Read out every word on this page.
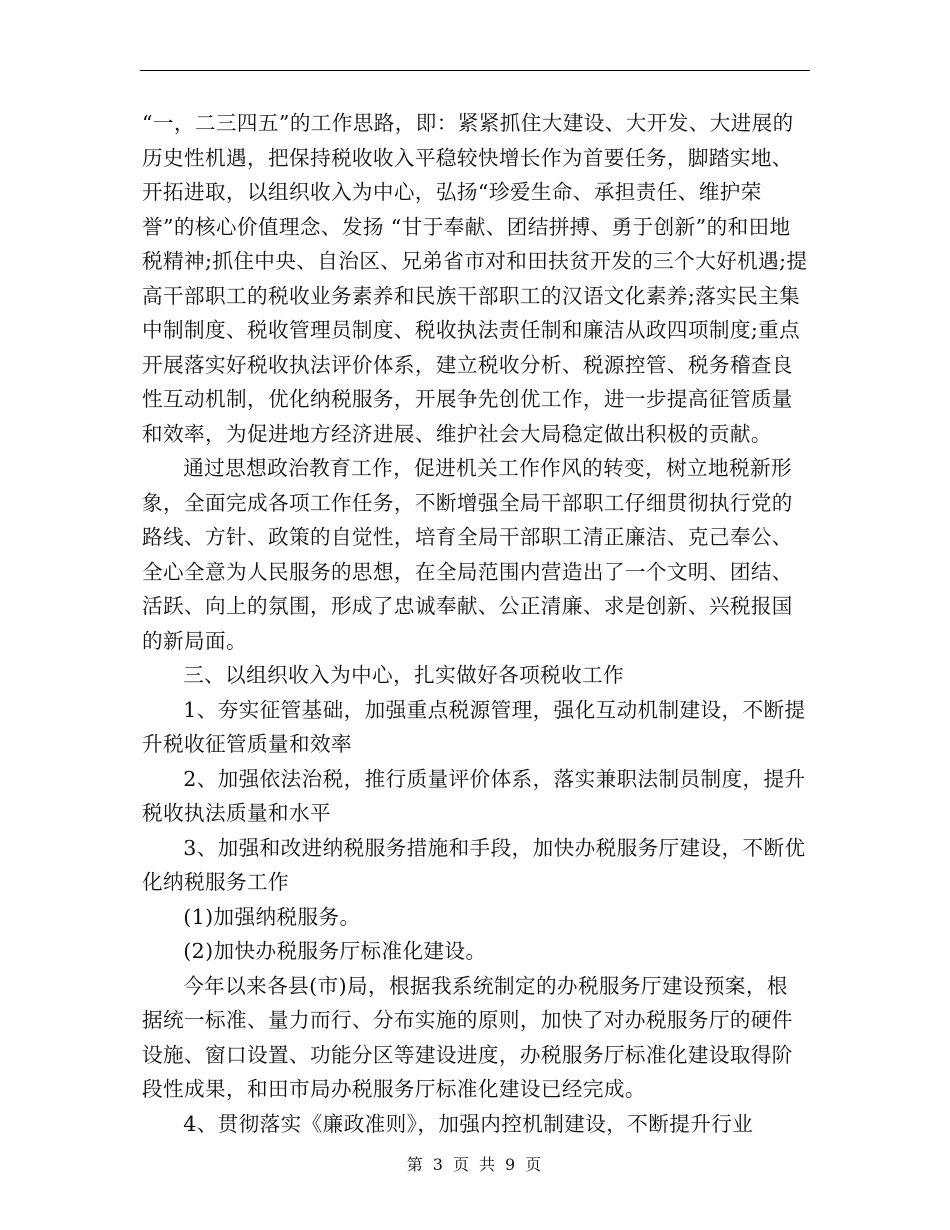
“一，二三四五”的工作思路，即：紧紧抓住大建设、大开发、大进展的历史性机遇，把保持税收收入平稳较快增长作为首要任务，脚踏实地、开拓进取，以组织收入为中心，弘扬“珍爱生命、承担责任、维护荣誉”的核心价值理念、发扬 “甘于奉献、团结拼搏、勇于创新”的和田地税精神;抓住中央、自治区、兄弟省市对和田扶贫开发的三个大好机遇;提高干部职工的税收业务素养和民族干部职工的汉语文化素养;落实民主集中制制度、税收管理员制度、税收执法责任制和廉洁从政四项制度;重点开展落实好税收执法评价体系，建立税收分析、税源控管、税务稽查良性互动机制，优化纳税服务，开展争先创优工作，进一步提高征管质量和效率，为促进地方经济进展、维护社会大局稳定做出积极的贡献。

通过思想政治教育工作，促进机关工作作风的转变，树立地税新形象，全面完成各项工作任务，不断增强全局干部职工仔细贯彻执行党的路线、方针、政策的自觉性，培育全局干部职工清正廉洁、克己奉公、全心全意为人民服务的思想，在全局范围内营造出了一个文明、团结、活跃、向上的氛围，形成了忠诚奉献、公正清廉、求是创新、兴税报国的新局面。

三、以组织收入为中心，扎实做好各项税收工作

1、夯实征管基础，加强重点税源管理，强化互动机制建设，不断提升税收征管质量和效率

2、加强依法治税，推行质量评价体系，落实兼职法制员制度，提升税收执法质量和水平

3、加强和改进纳税服务措施和手段，加快办税服务厅建设，不断优化纳税服务工作

(1)加强纳税服务。

(2)加快办税服务厅标准化建设。

今年以来各县(市)局，根据我系统制定的办税服务厅建设预案，根据统一标准、量力而行、分布实施的原则，加快了对办税服务厅的硬件设施、窗口设置、功能分区等建设进度，办税服务厅标准化建设取得阶段性成果，和田市局办税服务厅标准化建设已经完成。

4、贯彻落实《廉政准则》，加强内控机制建设，不断提升行业

第 3 页 共 9 页
